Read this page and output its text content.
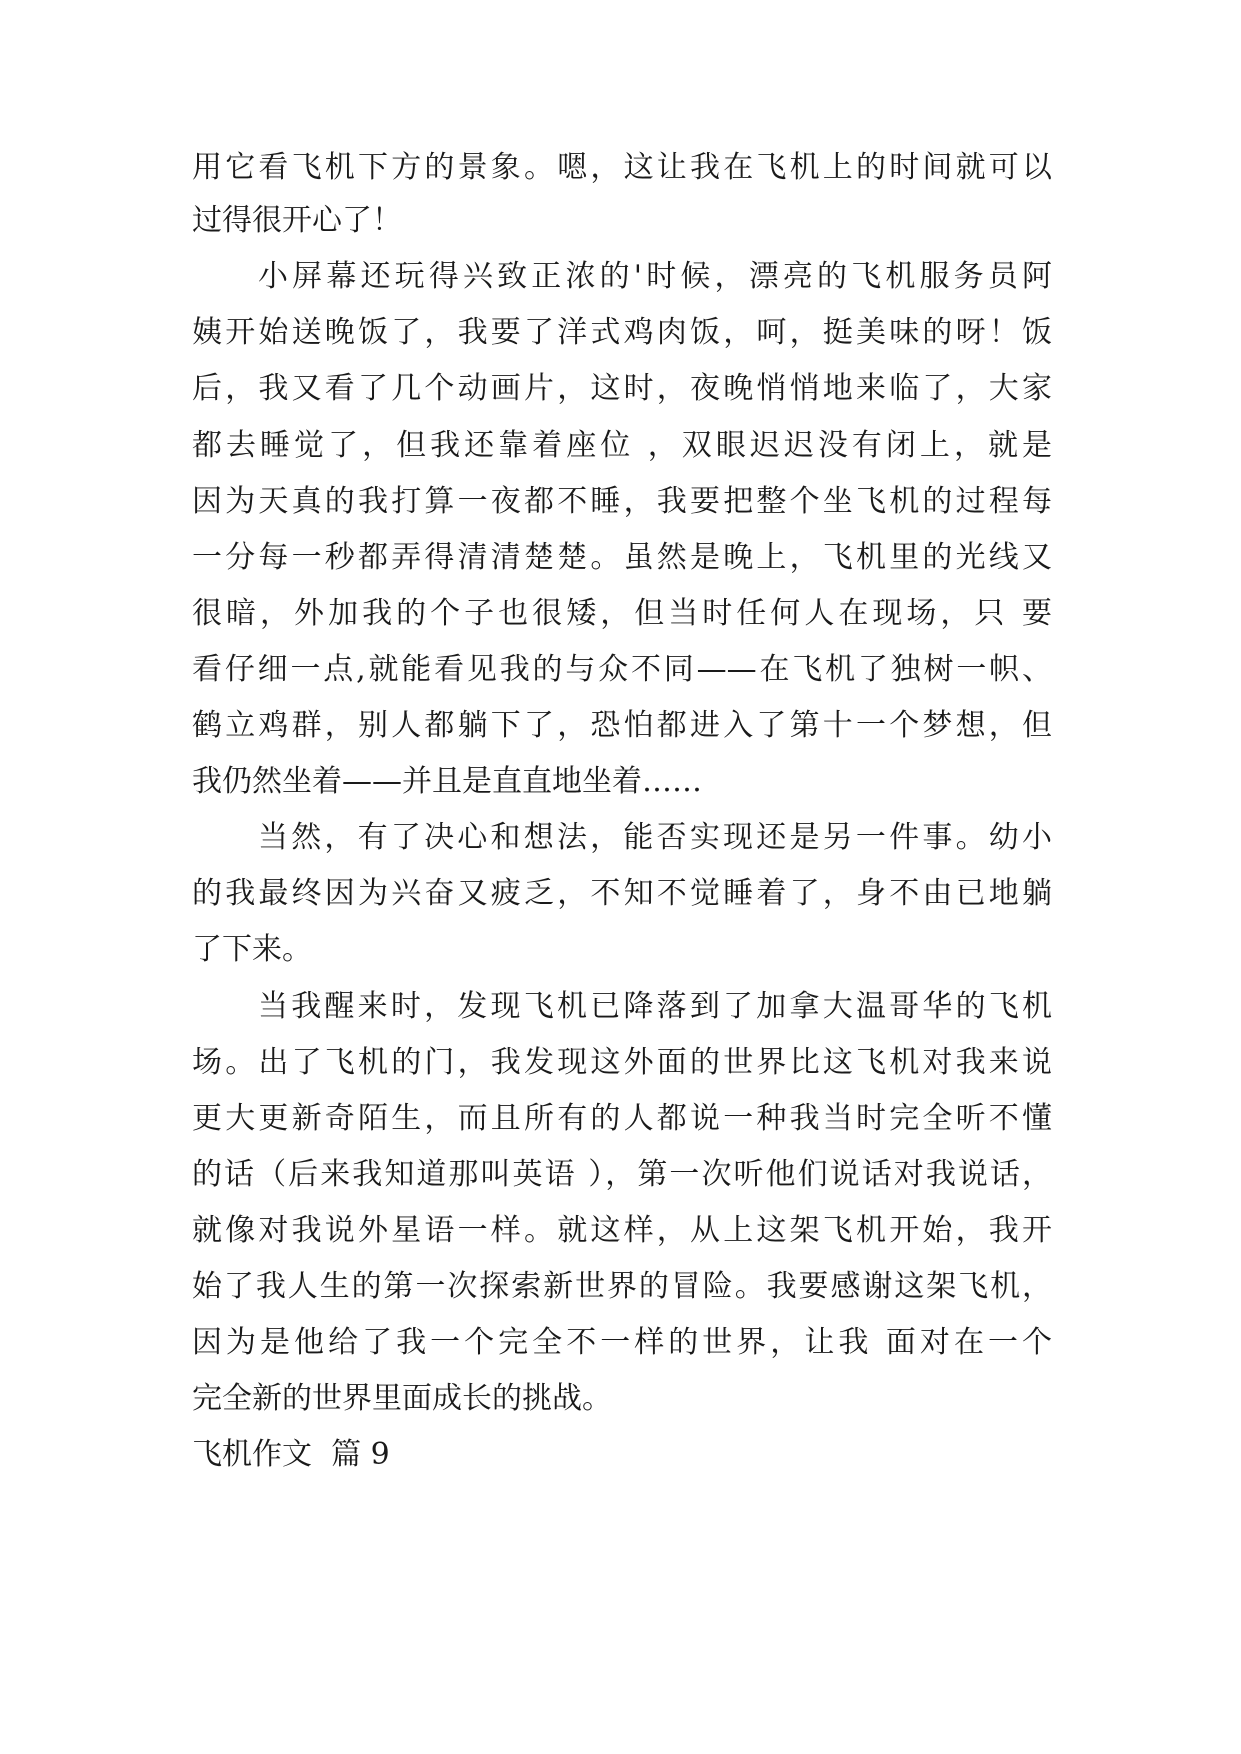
用它看飞机下方的景象。嗯，这让我在飞机上的时间就可以
过得很开心了！
小屏幕还玩得兴致正浓的'时候，漂亮的飞机服务员阿
姨开始送晚饭了，我要了洋式鸡肉饭，呵，挺美味的呀！饭
后，我又看了几个动画片，这时，夜晚悄悄地来临了，大家
都去睡觉了，但我还靠着座位 ，双眼迟迟没有闭上，就是
因为天真的我打算一夜都不睡，我要把整个坐飞机的过程每
一分每一秒都弄得清清楚楚。虽然是晚上，飞机里的光线又
很暗，外加我的个子也很矮，但当时任何人在现场，只 要
看仔细一点,就能看见我的与众不同——在飞机了独树一帜、
鹤立鸡群，别人都躺下了，恐怕都进入了第十一个梦想，但
我仍然坐着——并且是直直地坐着……
当然，有了决心和想法，能否实现还是另一件事。幼小
的我最终因为兴奋又疲乏，不知不觉睡着了，身不由已地躺
了下来。
当我醒来时，发现飞机已降落到了加拿大温哥华的飞机
场。出了飞机的门，我发现这外面的世界比这飞机对我来说
更大更新奇陌生，而且所有的人都说一种我当时完全听不懂
的话（后来我知道那叫英语 ），第一次听他们说话对我说话，
就像对我说外星语一样。就这样，从上这架飞机开始，我开
始了我人生的第一次探索新世界的冒险。我要感谢这架飞机，
因为是他给了我一个完全不一样的世界，让我 面对在一个
完全新的世界里面成长的挑战。
飞机作文  篇 9
